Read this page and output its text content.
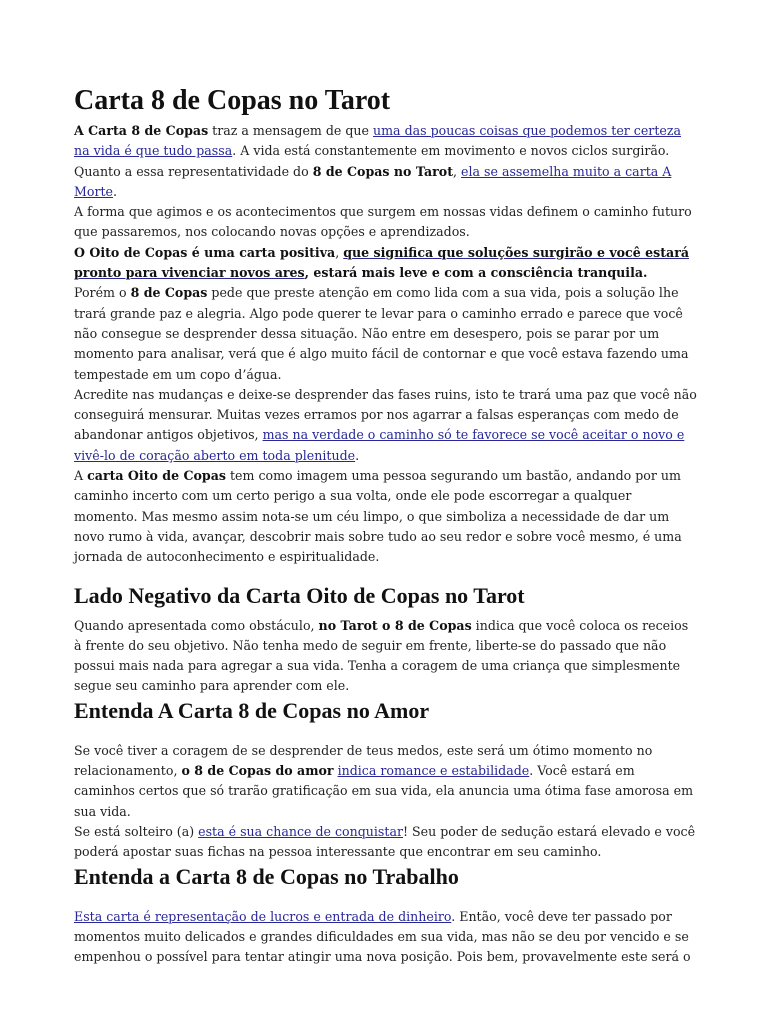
Carta 8 de Copas no Tarot

A Carta 8 de Copas traz a mensagem de que uma das poucas coisas que podemos ter certeza na vida é que tudo passa. A vida está constantemente em movimento e novos ciclos surgirão.

Quanto a essa representatividade do 8 de Copas no Tarot, ela se assemelha muito a carta A Morte.

A forma que agimos e os acontecimentos que surgem em nossas vidas definem o caminho futuro que passaremos, nos colocando novas opções e aprendizados.

O Oito de Copas é uma carta positiva, que significa que soluções surgirão e você estará pronto para vivenciar novos ares, estará mais leve e com a consciência tranquila.

Porém o 8 de Copas pede que preste atenção em como lida com a sua vida, pois a solução lhe trará grande paz e alegria. Algo pode querer te levar para o caminho errado e parece que você não consegue se desprender dessa situação. Não entre em desespero, pois se parar por um momento para analisar, verá que é algo muito fácil de contornar e que você estava fazendo uma tempestade em um copo d’água.

Acredite nas mudanças e deixe-se desprender das fases ruins, isto te trará uma paz que você não conseguirá mensurar. Muitas vezes erramos por nos agarrar a falsas esperanças com medo de abandonar antigos objetivos, mas na verdade o caminho só te favorece se você aceitar o novo e vivê-lo de coração aberto em toda plenitude.

A carta Oito de Copas tem como imagem uma pessoa segurando um bastão, andando por um caminho incerto com um certo perigo a sua volta, onde ele pode escorregar a qualquer momento. Mas mesmo assim nota-se um céu limpo, o que simboliza a necessidade de dar um novo rumo à vida, avançar, descobrir mais sobre tudo ao seu redor e sobre você mesmo, é uma jornada de autoconhecimento e espiritualidade.

Lado Negativo da Carta Oito de Copas no Tarot

Quando apresentada como obstáculo, no Tarot o 8 de Copas indica que você coloca os receios à frente do seu objetivo. Não tenha medo de seguir em frente, liberte-se do passado que não possui mais nada para agregar a sua vida. Tenha a coragem de uma criança que simplesmente segue seu caminho para aprender com ele.

Entenda A Carta 8 de Copas no Amor

Se você tiver a coragem de se desprender de teus medos, este será um ótimo momento no relacionamento, o 8 de Copas do amor indica romance e estabilidade. Você estará em caminhos certos que só trarão gratificação em sua vida, ela anuncia uma ótima fase amorosa em sua vida.

Se está solteiro (a) esta é sua chance de conquistar! Seu poder de sedução estará elevado e você poderá apostar suas fichas na pessoa interessante que encontrar em seu caminho.

Entenda a Carta 8 de Copas no Trabalho

Esta carta é representação de lucros e entrada de dinheiro. Então, você deve ter passado por momentos muito delicados e grandes dificuldades em sua vida, mas não se deu por vencido e se empenhou o possível para tentar atingir uma nova posição. Pois bem, provavelmente este será o
